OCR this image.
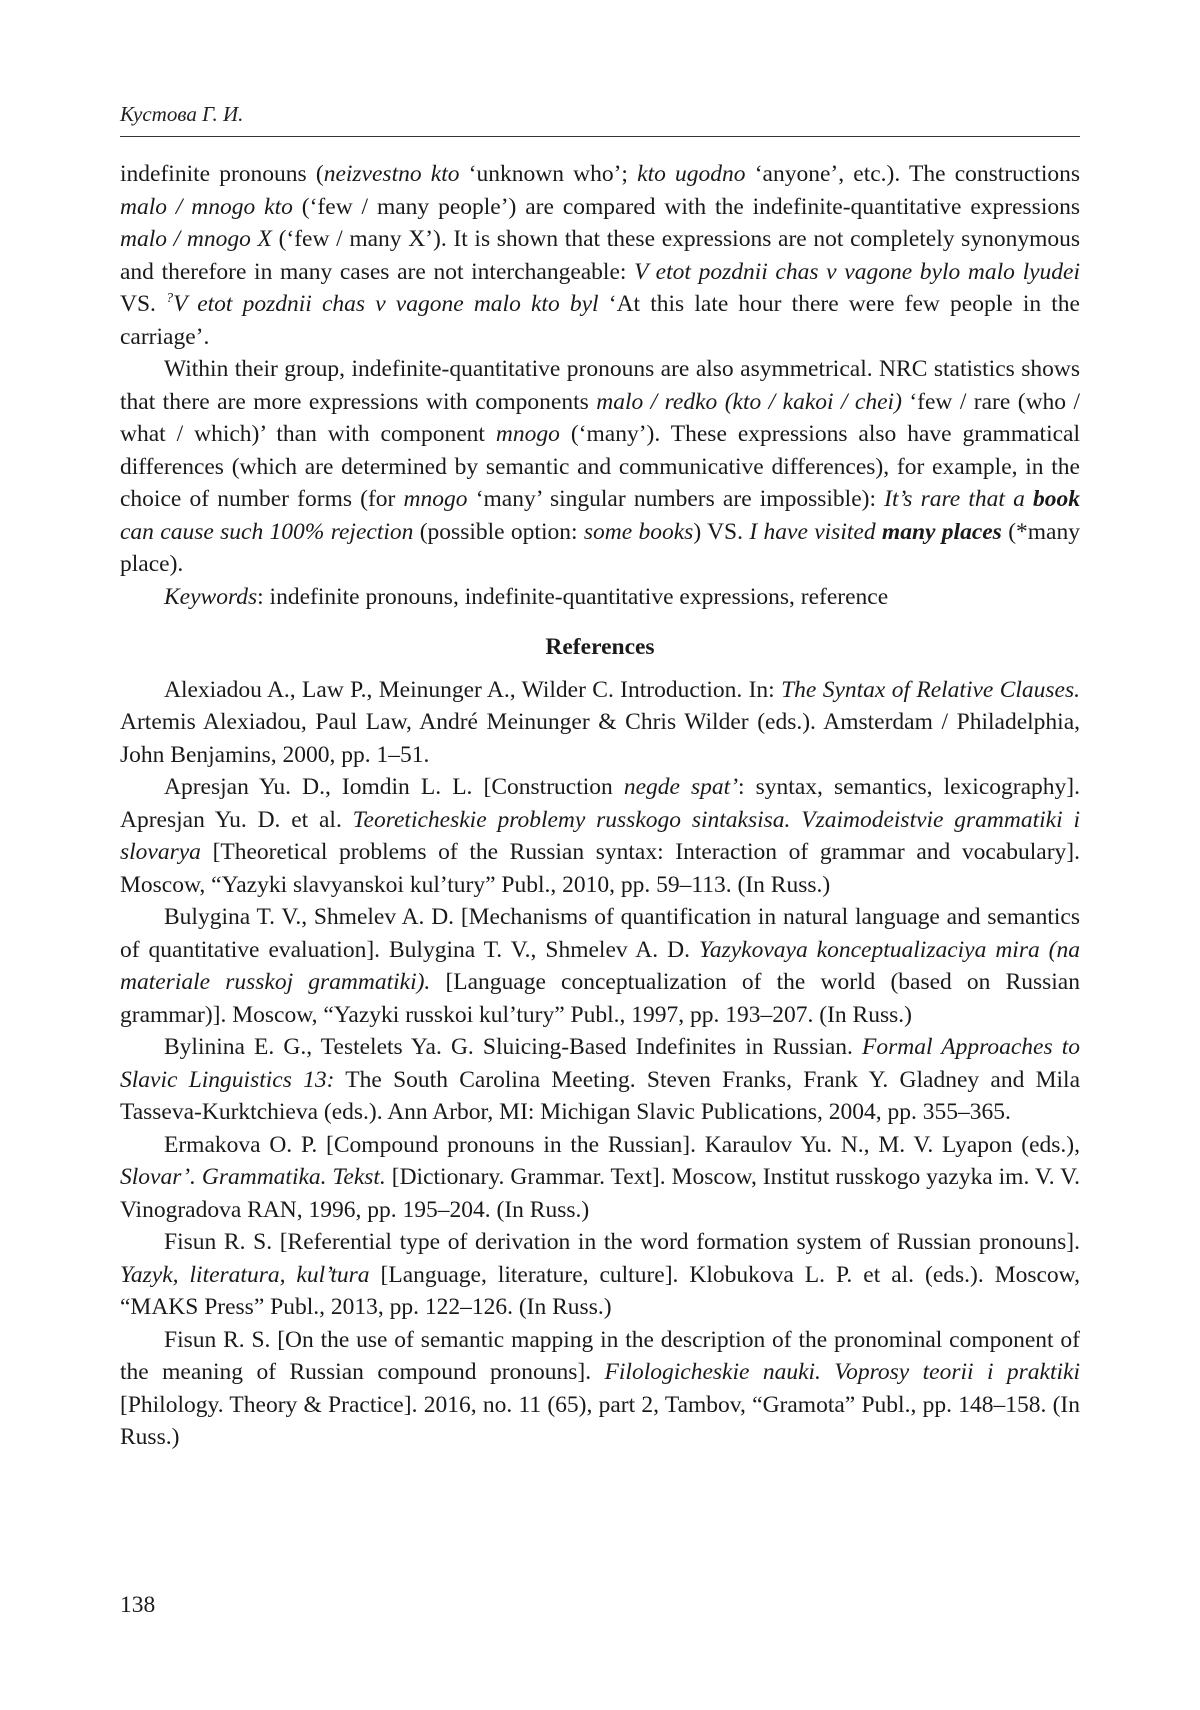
Кустова Г. И.

indefinite pronouns (neizvestno kto ‘unknown who’; kto ugodno ‘anyone’, etc.). The constructions malo / mnogo kto (‘few / many people’) are compared with the indefinite-quantitative expressions malo / mnogo X (‘few / many X’). It is shown that these expressions are not completely synonymous and therefore in many cases are not interchangeable: V etot pozdnii chas v vagone bylo malo lyudei VS. ?V etot pozdnii chas v vagone malo kto byl ‘At this late hour there were few people in the carriage’.

Within their group, indefinite-quantitative pronouns are also asymmetrical. NRC statistics shows that there are more expressions with components malo / redko (kto / kakoi / chei) ‘few / rare (who / what / which)’ than with component mnogo (‘many’). These expressions also have grammatical differences (which are determined by semantic and communicative differences), for example, in the choice of number forms (for mnogo ‘many’ singular numbers are impossible): It’s rare that a book can cause such 100% rejection (possible option: some books) VS. I have visited many places (*many place).

Keywords: indefinite pronouns, indefinite-quantitative expressions, reference

References

Alexiadou A., Law P., Meinunger A., Wilder C. Introduction. In: The Syntax of Relative Clauses. Artemis Alexiadou, Paul Law, André Meinunger & Chris Wilder (eds.). Amsterdam / Philadelphia, John Benjamins, 2000, pp. 1–51.

Apresjan Yu. D., Iomdin L. L. [Construction negde spat’: syntax, semantics, lexicography]. Apresjan Yu. D. et al. Teoreticheskie problemy russkogo sintaksisa. Vzaimodeistvie grammatiki i slovarya [Theoretical problems of the Russian syntax: Interaction of grammar and vocabulary]. Moscow, “Yazyki slavyanskoi kul’tury” Publ., 2010, pp. 59–113. (In Russ.)

Bulygina T. V., Shmelev A. D. [Mechanisms of quantification in natural language and semantics of quantitative evaluation]. Bulygina T. V., Shmelev A. D. Yazykovaya konceptualizaciya mira (na materiale russkoj grammatiki). [Language conceptualization of the world (based on Russian grammar)]. Moscow, “Yazyki russkoi kul’tury” Publ., 1997, pp. 193–207. (In Russ.)

Bylinina E. G., Testelets Ya. G. Sluicing-Based Indefinites in Russian. Formal Approaches to Slavic Linguistics 13: The South Carolina Meeting. Steven Franks, Frank Y. Gladney and Mila Tasseva-Kurktchieva (eds.). Ann Arbor, MI: Michigan Slavic Publications, 2004, pp. 355–365.

Ermakova O. P. [Compound pronouns in the Russian]. Karaulov Yu. N., M. V. Lyapon (eds.), Slovar’. Grammatika. Tekst. [Dictionary. Grammar. Text]. Moscow, Institut russkogo yazyka im. V. V. Vinogradova RAN, 1996, pp. 195–204. (In Russ.)

Fisun R. S. [Referential type of derivation in the word formation system of Russian pronouns]. Yazyk, literatura, kul’tura [Language, literature, culture]. Klobukova L. P. et al. (eds.). Moscow, “MAKS Press” Publ., 2013, pp. 122–126. (In Russ.)

Fisun R. S. [On the use of semantic mapping in the description of the pronominal component of the meaning of Russian compound pronouns]. Filologicheskie nauki. Voprosy teorii i praktiki [Philology. Theory & Practice]. 2016, no. 11 (65), part 2, Tambov, “Gramota” Publ., pp. 148–158. (In Russ.)

138
